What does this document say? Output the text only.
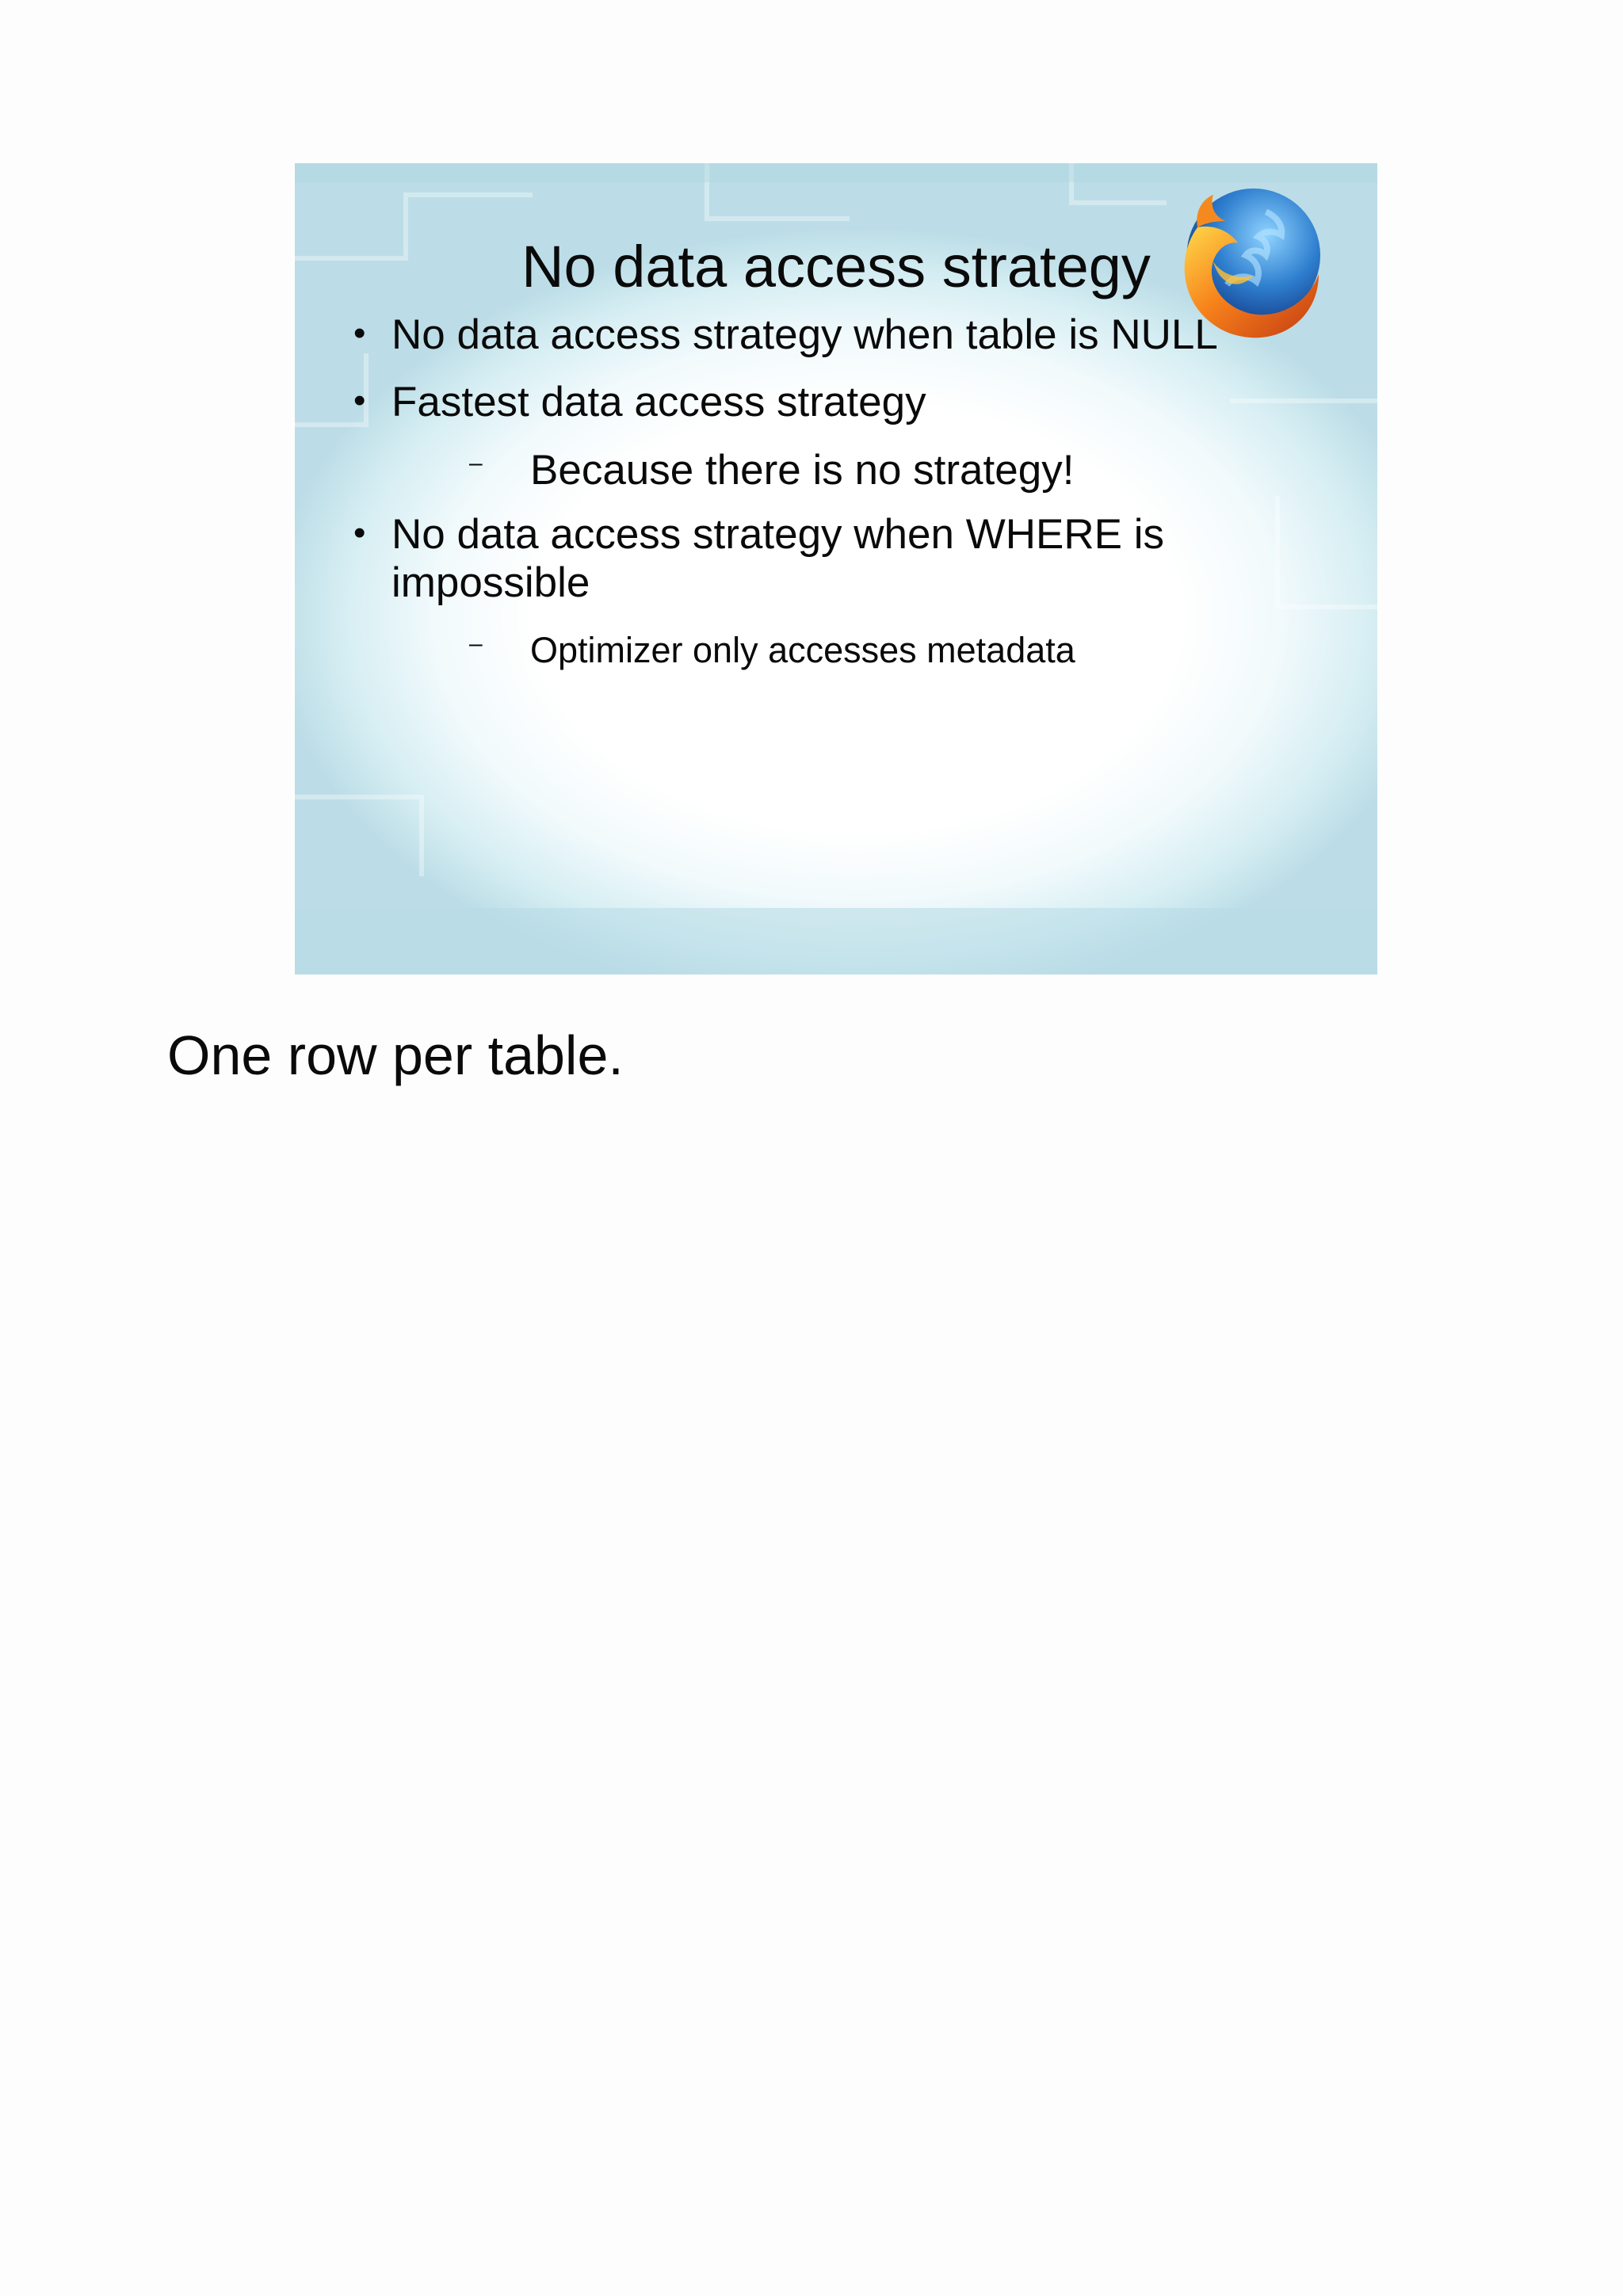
No data access strategy
• No data access strategy when table is NULL
• Fastest data access strategy
– Because there is no strategy!
• No data access strategy when WHERE is
impossible
– Optimizer only accesses metadata
One row per table.
